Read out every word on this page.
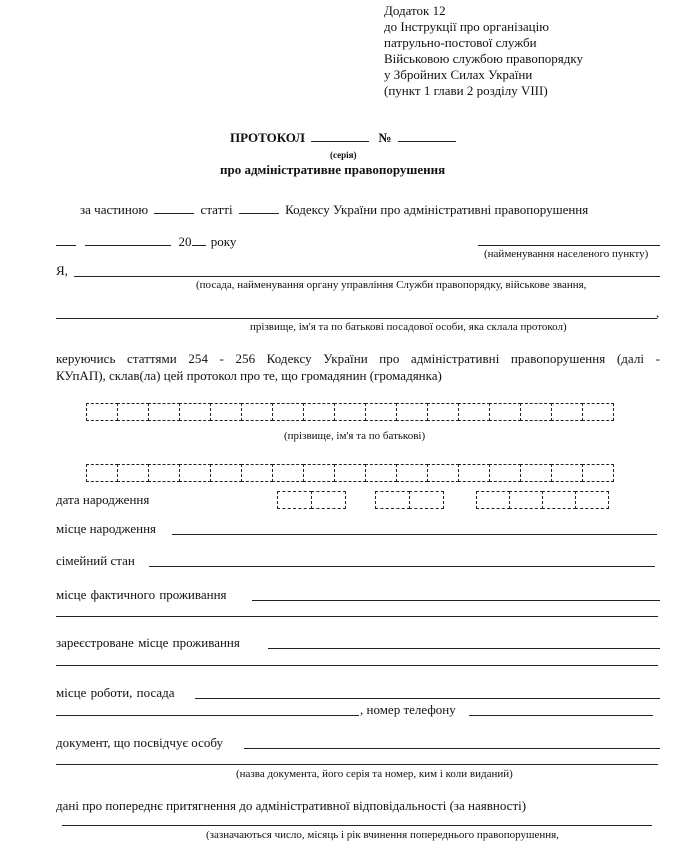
Додаток 12
до Інструкції про організацію
патрульно-постової служби
Військовою службою правопорядку
у Збройних Силах України
(пункт 1 глави 2 розділу VIII)
ПРОТОКОЛ	№
(серія)
про адміністративне правопорушення
за частиною	статті	Кодексу України про адміністративні правопорушення
20 року
(найменування населеного пункту)
Я,
(посада, найменування органу управління Служби правопорядку, військове звання,
,
прізвище, ім'я та по батькові посадової особи, яка склала протокол)
керуючись статтями 254 - 256 Кодексу України про адміністративні правопорушення (далі -
КУпАП), склав(ла) цей протокол про те, що громадянин (громадянка)
(прізвище, ім'я та по батькові)
дата народження
місце народження
сімейний стан
місце фактичного проживання
зареєстроване місце проживання
місце роботи, посада
, номер телефону
документ, що посвідчує особу
(назва документа, його серія та номер, ким і коли виданий)
дані про попереднє притягнення до адміністративної відповідальності (за наявності)
(зазначаються число, місяць і рік вчинення попереднього правопорушення,
